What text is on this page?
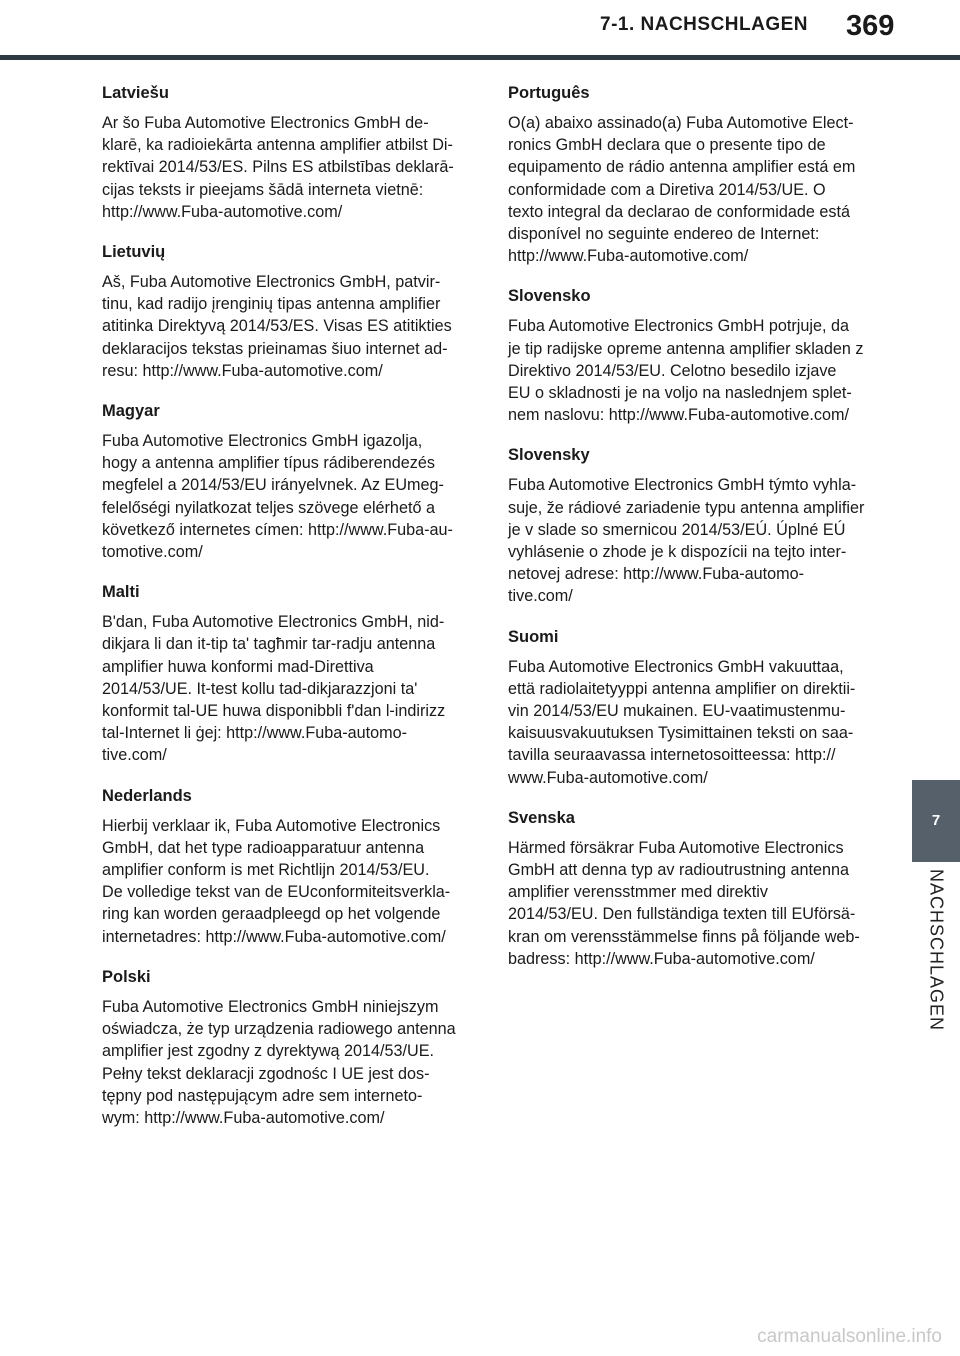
7-1. NACHSCHLAGEN 369
Latviešu

Ar šo Fuba Automotive Electronics GmbH de-
klarē, ka radioiekārta antenna amplifier atbilst Di-
rektīvai 2014/53/ES. Pilns ES atbilstības deklarā-
cijas teksts ir pieejams šādā interneta vietnē:
http://www.Fuba-automotive.com/

Lietuvių

Aš, Fuba Automotive Electronics GmbH, patvir-
tinu, kad radijo įrenginių tipas antenna amplifier
atitinka Direktyvą 2014/53/ES. Visas ES atitikties
deklaracijos tekstas prieinamas šiuo internet ad-
resu: http://www.Fuba-automotive.com/

Magyar

Fuba Automotive Electronics GmbH igazolja,
hogy a antenna amplifier típus rádiberendezés
megfelel a 2014/53/EU irányelvnek. Az EUmeg-
felelőségi nyilatkozat teljes szövege elérhető a
következő internetes címen: http://www.Fuba-au-
tomotive.com/

Malti

B'dan, Fuba Automotive Electronics GmbH, nid-
dikjara li dan it-tip ta' tagħmir tar-radju antenna
amplifier huwa konformi mad-Direttiva
2014/53/UE. It-test kollu tad-dikjarazzjoni ta'
konformit tal-UE huwa disponibbli f'dan l-indirizz
tal-Internet li ġej: http://www.Fuba-automo-
tive.com/

Nederlands

Hierbij verklaar ik, Fuba Automotive Electronics
GmbH, dat het type radioapparatuur antenna
amplifier conform is met Richtlijn 2014/53/EU.
De volledige tekst van de EUconformiteitsverkla-
ring kan worden geraadpleegd op het volgende
internetadres: http://www.Fuba-automotive.com/

Polski

Fuba Automotive Electronics GmbH niniejszym
oświadcza, że typ urządzenia radiowego antenna
amplifier jest zgodny z dyrektywą 2014/53/UE.
Pełny tekst deklaracji zgodnośc I UE jest dos-
tępny pod następującym adre sem interneto-
wym: http://www.Fuba-automotive.com/

Português

O(a) abaixo assinado(a) Fuba Automotive Elect-
ronics GmbH declara que o presente tipo de
equipamento de rádio antenna amplifier está em
conformidade com a Diretiva 2014/53/UE. O
texto integral da declarao de conformidade está
disponível no seguinte endereo de Internet:
http://www.Fuba-automotive.com/

Slovensko

Fuba Automotive Electronics GmbH potrjuje, da
je tip radijske opreme antenna amplifier skladen z
Direktivo 2014/53/EU. Celotno besedilo izjave
EU o skladnosti je na voljo na naslednjem splet-
nem naslovu: http://www.Fuba-automotive.com/

Slovensky

Fuba Automotive Electronics GmbH týmto vyhla-
suje, že rádiové zariadenie typu antenna amplifier
je v slade so smernicou 2014/53/EÚ. Úplné EÚ
vyhlásenie o zhode je k dispozícii na tejto inter-
netovej adrese: http://www.Fuba-automo-
tive.com/

Suomi

Fuba Automotive Electronics GmbH vakuuttaa,
että radiolaitetyyppi antenna amplifier on direktii-
vin 2014/53/EU mukainen. EU-vaatimustenmu-
kaisuusvakuutuksen Tysimittainen teksti on saa-
tavilla seuraavassa internetosoitteessa: http://
www.Fuba-automotive.com/

Svenska

Härmed försäkrar Fuba Automotive Electronics
GmbH att denna typ av radioutrustning antenna
amplifier verensstmmer med direktiv
2014/53/EU. Den fullständiga texten till EUförsä-
kran om verensstämmelse finns på följande web-
badress: http://www.Fuba-automotive.com/

7
NACHSCHLAGEN
carmanualsonline.info
